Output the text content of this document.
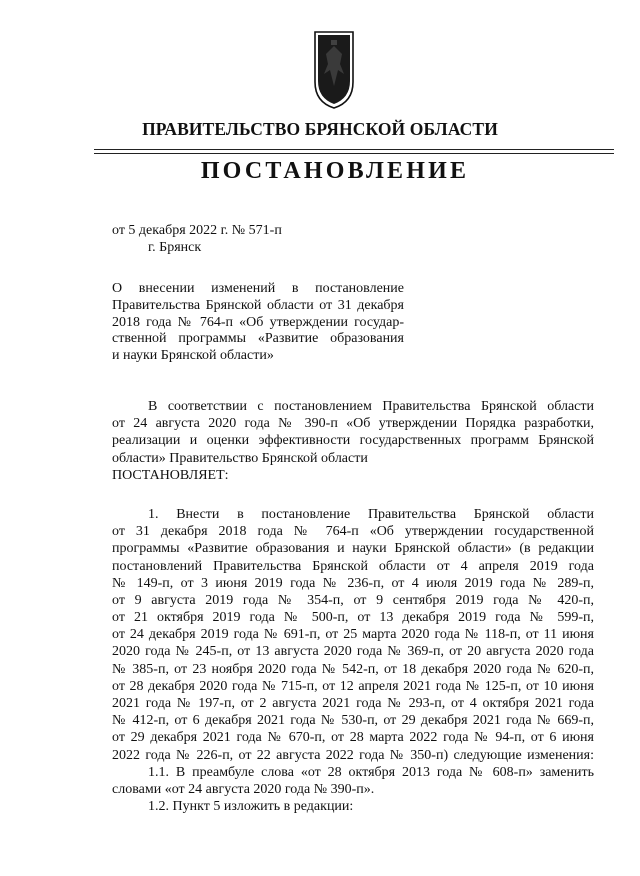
ПРАВИТЕЛЬСТВО БРЯНСКОЙ ОБЛАСТИ
ПОСТАНОВЛЕНИЕ
от 5 декабря 2022 г. № 571-п
г. Брянск
О внесении изменений в постановление
Правительства Брянской области от 31 декабря
2018 года № 764-п «Об утверждении государ-
ственной программы «Развитие образования
и науки Брянской области»
В соответствии с постановлением Правительства Брянской области
от 24 августа 2020 года № 390-п «Об утверждении Порядка разработки,
реализации и оценки эффективности государственных программ Брянской
области» Правительство Брянской области
ПОСТАНОВЛЯЕТ:
1. Внести в постановление Правительства Брянской области
от 31 декабря 2018 года № 764-п «Об утверждении государственной
программы «Развитие образования и науки Брянской области» (в редакции
постановлений Правительства Брянской области от 4 апреля 2019 года
№ 149-п, от 3 июня 2019 года № 236-п, от 4 июля 2019 года № 289-п,
от 9 августа 2019 года № 354-п, от 9 сентября 2019 года № 420-п,
от 21 октября 2019 года № 500-п, от 13 декабря 2019 года № 599-п,
от 24 декабря 2019 года № 691-п, от 25 марта 2020 года № 118-п, от 11 июня
2020 года № 245-п, от 13 августа 2020 года № 369-п, от 20 августа 2020 года
№ 385-п, от 23 ноября 2020 года № 542-п, от 18 декабря 2020 года № 620-п,
от 28 декабря 2020 года № 715-п, от 12 апреля 2021 года № 125-п, от 10 июня
2021 года № 197-п, от 2 августа 2021 года № 293-п, от 4 октября 2021 года
№ 412-п, от 6 декабря 2021 года № 530-п, от 29 декабря 2021 года № 669-п,
от 29 декабря 2021 года № 670-п, от 28 марта 2022 года № 94-п, от 6 июня
2022 года № 226-п, от 22 августа 2022 года № 350-п) следующие изменения:
1.1. В преамбуле слова «от 28 октября 2013 года № 608-п» заменить
словами «от 24 августа 2020 года № 390-п».
1.2. Пункт 5 изложить в редакции:
